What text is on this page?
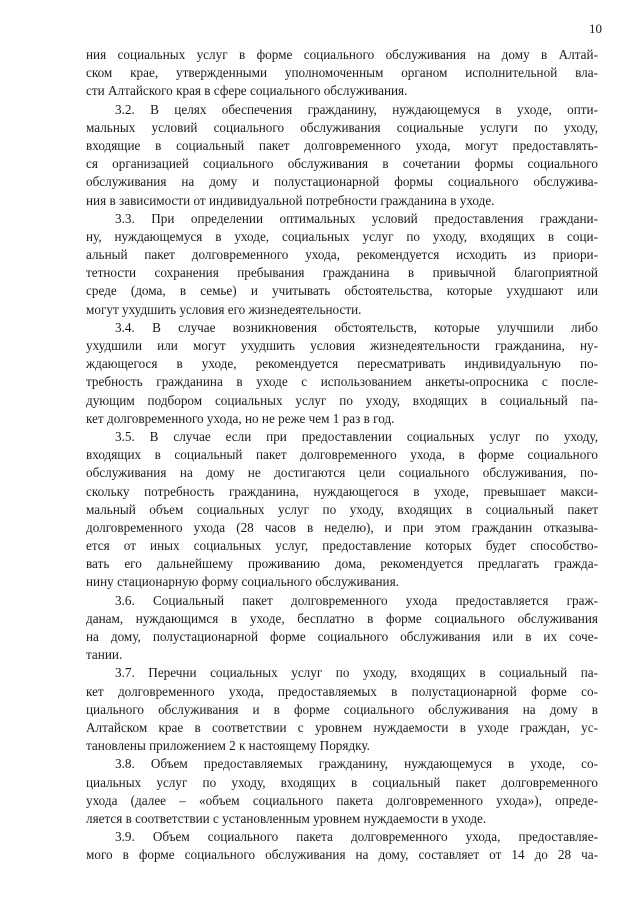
10
ния социальных услуг в форме социального обслуживания на дому в Алтай-
ском крае, утвержденными уполномоченным органом исполнительной вла-
сти Алтайского края в сфере социального обслуживания.
3.2. В целях обеспечения гражданину, нуждающемуся в уходе, опти-
мальных условий социального обслуживания социальные услуги по уходу,
входящие в социальный пакет долговременного ухода, могут предоставлять-
ся организацией социального обслуживания в сочетании формы социального
обслуживания на дому и полустационарной формы социального обслужива-
ния в зависимости от индивидуальной потребности гражданина в уходе.
3.3. При определении оптимальных условий предоставления граждани-
ну, нуждающемуся в уходе, социальных услуг по уходу, входящих в соци-
альный пакет долговременного ухода, рекомендуется исходить из приори-
тетности сохранения пребывания гражданина в привычной благоприятной
среде (дома, в семье) и учитывать обстоятельства, которые ухудшают или
могут ухудшить условия его жизнедеятельности.
3.4. В случае возникновения обстоятельств, которые улучшили либо
ухудшили или могут ухудшить условия жизнедеятельности гражданина, ну-
ждающегося в уходе, рекомендуется пересматривать индивидуальную по-
требность гражданина в уходе с использованием анкеты-опросника с после-
дующим подбором социальных услуг по уходу, входящих в социальный па-
кет долговременного ухода, но не реже чем 1 раз в год.
3.5. В случае если при предоставлении социальных услуг по уходу,
входящих в социальный пакет долговременного ухода, в форме социального
обслуживания на дому не достигаются цели социального обслуживания, по-
скольку потребность гражданина, нуждающегося в уходе, превышает макси-
мальный объем социальных услуг по уходу, входящих в социальный пакет
долговременного ухода (28 часов в неделю), и при этом гражданин отказыва-
ется от иных социальных услуг, предоставление которых будет способство-
вать его дальнейшему проживанию дома, рекомендуется предлагать гражда-
нину стационарную форму социального обслуживания.
3.6. Социальный пакет долговременного ухода предоставляется граж-
данам, нуждающимся в уходе, бесплатно в форме социального обслуживания
на дому, полустационарной форме социального обслуживания или в их сочe-
тании.
3.7. Перечни социальных услуг по уходу, входящих в социальный па-
кет долговременного ухода, предоставляемых в полустационарной форме со-
циального обслуживания и в форме социального обслуживания на дому в
Алтайском крае в соответствии с уровнем нуждаемости в уходе граждан, ус-
тановлены приложением 2 к настоящему Порядку.
3.8. Объем предоставляемых гражданину, нуждающемуся в уходе, со-
циальных услуг по уходу, входящих в социальный пакет долговременного
ухода (далее – «объем социального пакета долговременного ухода»), опреде-
ляется в соответствии с установленным уровнем нуждаемости в уходе.
3.9. Объем социального пакета долговременного ухода, предоставляе-
мого в форме социального обслуживания на дому, составляет от 14 до 28 ча-
